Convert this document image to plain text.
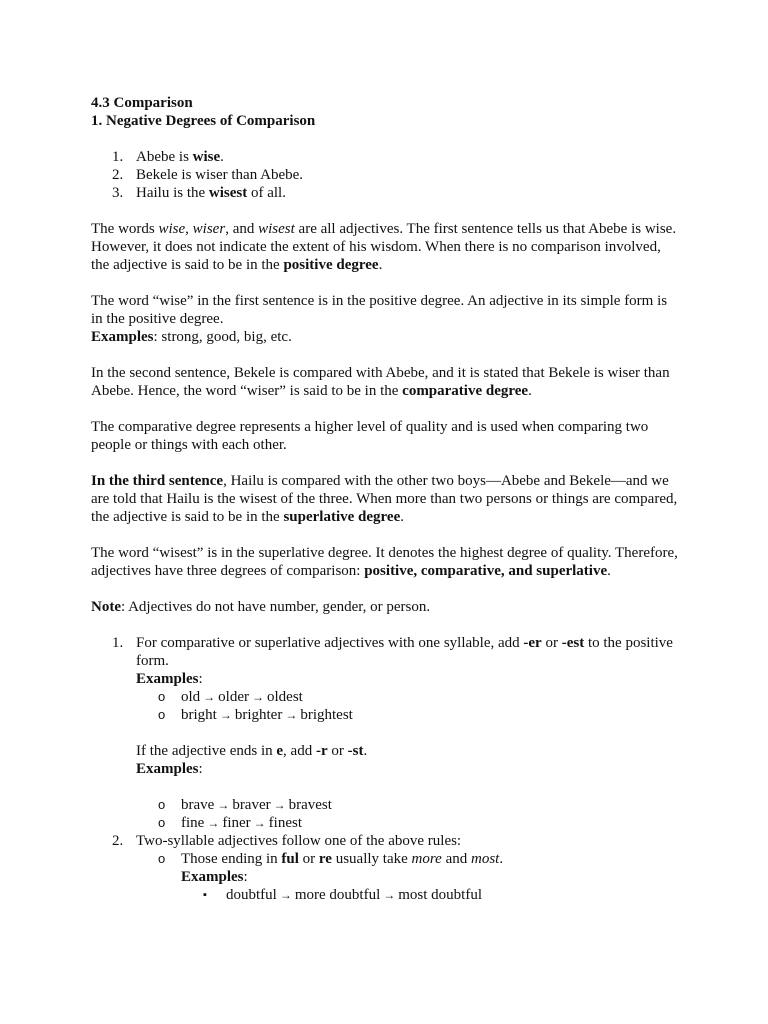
4.3 Comparison

1. Negative Degrees of Comparison

1. Abebe is wise.
2. Bekele is wiser than Abebe.
3. Hailu is the wisest of all.

The words wise, wiser, and wisest are all adjectives. The first sentence tells us that Abebe is wise. However, it does not indicate the extent of his wisdom. When there is no comparison involved, the adjective is said to be in the positive degree.

The word “wise” in the first sentence is in the positive degree. An adjective in its simple form is in the positive degree.

Examples: strong, good, big, etc.

In the second sentence, Bekele is compared with Abebe, and it is stated that Bekele is wiser than Abebe. Hence, the word “wiser” is said to be in the comparative degree.

The comparative degree represents a higher level of quality and is used when comparing two people or things with each other.

In the third sentence, Hailu is compared with the other two boys—Abebe and Bekele—and we are told that Hailu is the wisest of the three. When more than two persons or things are compared, the adjective is said to be in the superlative degree.

The word “wisest” is in the superlative degree. It denotes the highest degree of quality. Therefore, adjectives have three degrees of comparison: positive, comparative, and superlative.

Note: Adjectives do not have number, gender, or person.

1. For comparative or superlative adjectives with one syllable, add -er or -est to the positive form.
Examples:
o old → older → oldest
o bright → brighter → brightest
If the adjective ends in e, add -r or -st.
Examples:
o brave → braver → bravest
o fine → finer → finest
2. Two-syllable adjectives follow one of the above rules:
o Those ending in ful or re usually take more and most.
Examples:
▪ doubtful → more doubtful → most doubtful
